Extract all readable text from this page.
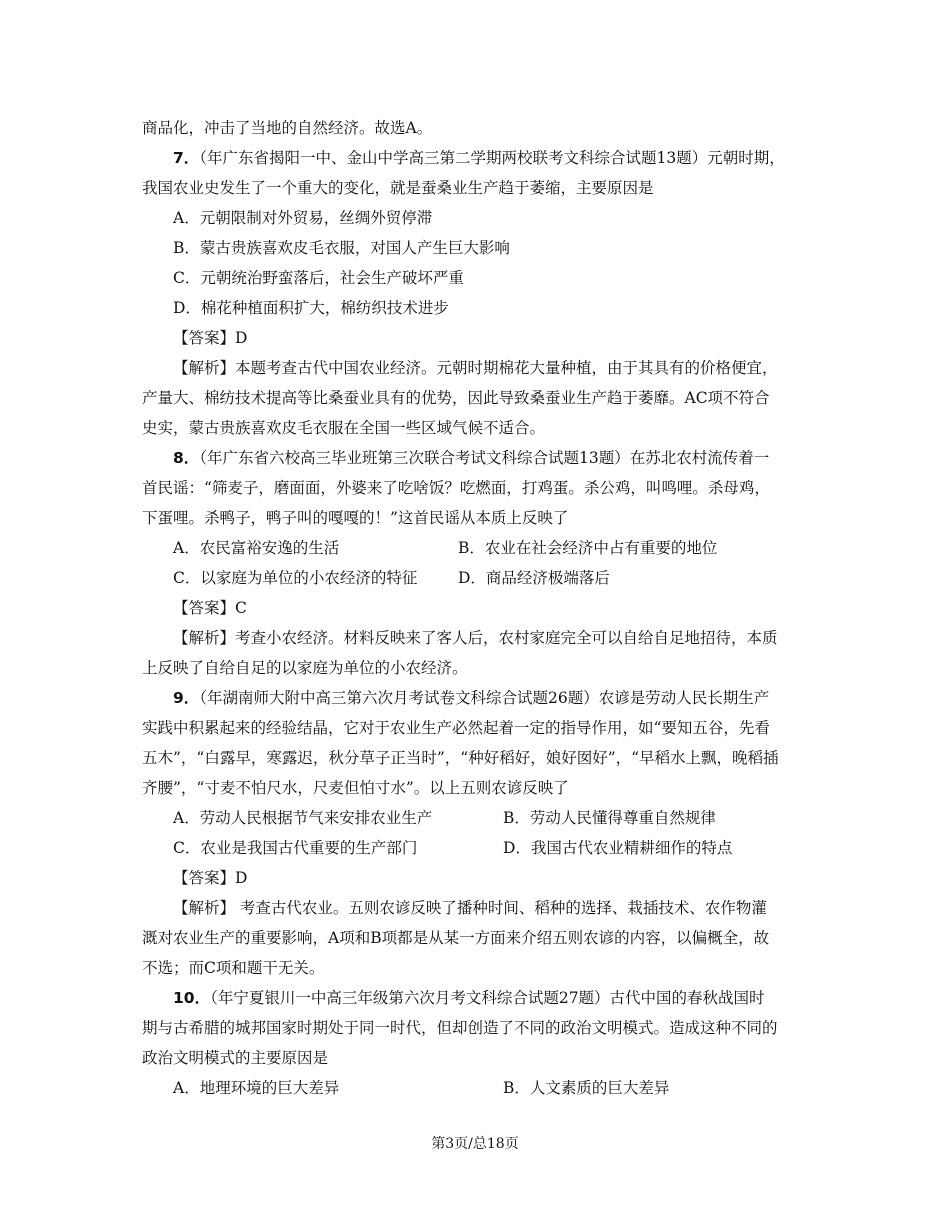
商品化，冲击了当地的自然经济。故选A。
7．（年广东省揭阳一中、金山中学高三第二学期两校联考文科综合试题13题）元朝时期，
我国农业史发生了一个重大的变化，就是蚕桑业生产趋于萎缩，主要原因是
A．元朝限制对外贸易，丝绸外贸停滞
B．蒙古贵族喜欢皮毛衣服，对国人产生巨大影响
C．元朝统治野蛮落后，社会生产破坏严重
D．棉花种植面积扩大，棉纺织技术进步
【答案】D
【解析】本题考查古代中国农业经济。元朝时期棉花大量种植，由于其具有的价格便宜，
产量大、棉纺技术提高等比桑蚕业具有的优势，因此导致桑蚕业生产趋于萎靡。AC项不符合
史实，蒙古贵族喜欢皮毛衣服在全国一些区域气候不适合。
8．（年广东省六校高三毕业班第三次联合考试文科综合试题13题）在苏北农村流传着一
首民谣：“筛麦子，磨面面，外婆来了吃啥饭？吃燃面，打鸡蛋。杀公鸡，叫鸣哩。杀母鸡，
下蛋哩。杀鸭子，鸭子叫的嘎嘎的！”这首民谣从本质上反映了
A．农民富裕安逸的生活	B．农业在社会经济中占有重要的地位
C．以家庭为单位的小农经济的特征	D．商品经济极端落后
【答案】C
【解析】考查小农经济。材料反映来了客人后，农村家庭完全可以自给自足地招待，本质
上反映了自给自足的以家庭为单位的小农经济。
9．（年湖南师大附中高三第六次月考试卷文科综合试题26题）农谚是劳动人民长期生产
实践中积累起来的经验结晶，它对于农业生产必然起着一定的指导作用，如“要知五谷，先看
五木”，“白露早，寒露迟，秋分草子正当时”，“种好稻好，娘好囡好”，“早稻水上飘，晚稻插
齐腰”，“寸麦不怕尺水，尺麦但怕寸水”。以上五则农谚反映了
A．劳动人民根据节气来安排农业生产	B．劳动人民懂得尊重自然规律
C．农业是我国古代重要的生产部门	D．我国古代农业精耕细作的特点
【答案】D
【解析】 考查古代农业。五则农谚反映了播种时间、稻种的选择、栽插技术、农作物灌
溉对农业生产的重要影响，A项和B项都是从某一方面来介绍五则农谚的内容，以偏概全，故
不选；而C项和题干无关。
10．（年宁夏银川一中高三年级第六次月考文科综合试题27题）古代中国的春秋战国时
期与古希腊的城邦国家时期处于同一时代，但却创造了不同的政治文明模式。造成这种不同的
政治文明模式的主要原因是
A．地理环境的巨大差异	B．人文素质的巨大差异
第3页/总18页
